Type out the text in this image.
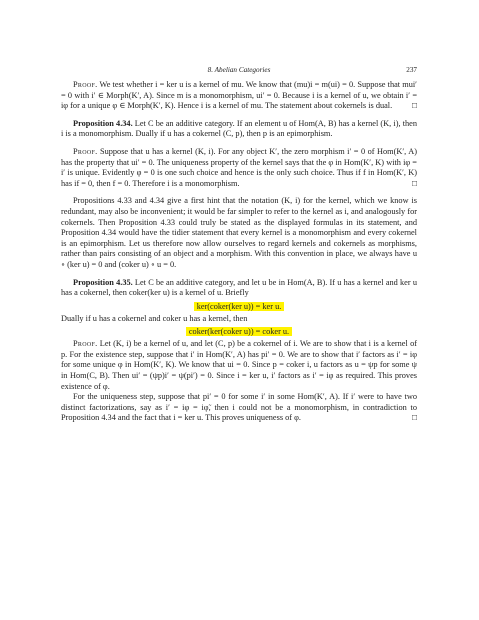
8. Abelian Categories	237

Proof. We test whether i = ker u is a kernel of mu. We know that (mu)i = m(ui) = 0. Suppose that mui′ = 0 with i′ ∈ Morph(K′, A). Since m is a monomorphism, ui′ = 0. Because i is a kernel of u, we obtain i′ = iφ for a unique φ ∈ Morph(K′, K). Hence i is a kernel of mu. The statement about cokernels is dual.	□

Proposition 4.34. Let C be an additive category. If an element u of Hom(A, B) has a kernel (K, i), then i is a monomorphism. Dually if u has a cokernel (C, p), then p is an epimorphism.

Proof. Suppose that u has a kernel (K, i). For any object K′, the zero morphism i′ = 0 of Hom(K′, A) has the property that ui′ = 0. The uniqueness property of the kernel says that the φ in Hom(K′, K) with iφ = i′ is unique. Evidently φ = 0 is one such choice and hence is the only such choice. Thus if f in Hom(K′, K) has if = 0, then f = 0. Therefore i is a monomorphism.	□

Propositions 4.33 and 4.34 give a first hint that the notation (K, i) for the kernel, which we know is redundant, may also be inconvenient; it would be far simpler to refer to the kernel as i, and analogously for cokernels. Then Proposition 4.33 could truly be stated as the displayed formulas in its statement, and Proposition 4.34 would have the tidier statement that every kernel is a monomorphism and every cokernel is an epimorphism. Let us therefore now allow ourselves to regard kernels and cokernels as morphisms, rather than pairs consisting of an object and a morphism. With this convention in place, we always have u ∘ (ker u) = 0 and (coker u) ∘ u = 0.

Proposition 4.35. Let C be an additive category, and let u be in Hom(A, B). If u has a kernel and ker u has a cokernel, then coker(ker u) is a kernel of u. Briefly

ker(coker(ker u)) = ker u.

Dually if u has a cokernel and coker u has a kernel, then

coker(ker(coker u)) = coker u.

Proof. Let (K, i) be a kernel of u, and let (C, p) be a cokernel of i. We are to show that i is a kernel of p. For the existence step, suppose that i′ in Hom(K′, A) has pi′ = 0. We are to show that i′ factors as i′ = iφ for some unique φ in Hom(K′, K). We know that ui = 0. Since p = coker i, u factors as u = ψp for some ψ in Hom(C, B). Then ui′ = (ψp)i′ = ψ(pi′) = 0. Since i = ker u, i′ factors as i′ = iφ as required. This proves existence of φ.

For the uniqueness step, suppose that pi′ = 0 for some i′ in some Hom(K′, A). If i′ were to have two distinct factorizations, say as i′ = iφ = iφ̃, then i could not be a monomorphism, in contradiction to Proposition 4.34 and the fact that i = ker u. This proves uniqueness of φ.	□
